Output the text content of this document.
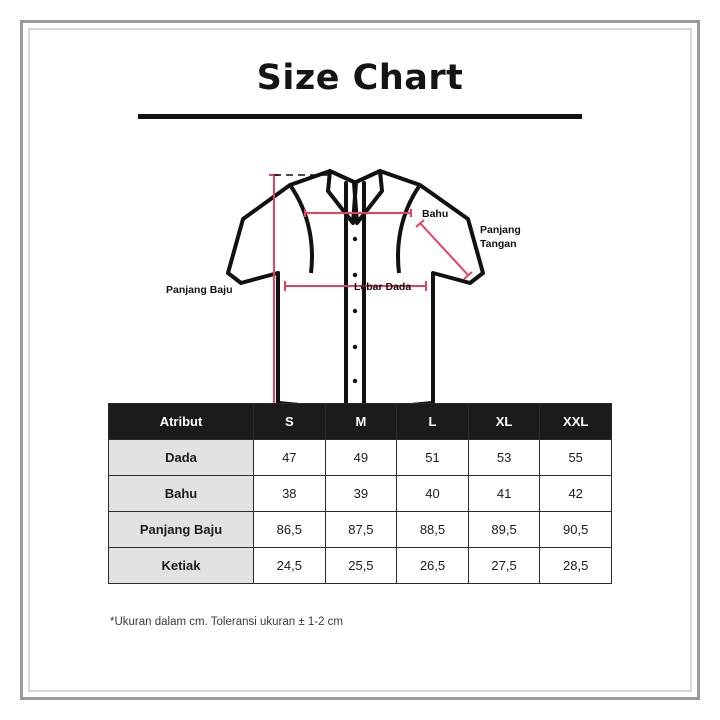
Size Chart
Bahu
Panjang
Tangan
Lebar Dada
Panjang Baju
Atribut	S	M	L	XL	XXL
Dada	47	49	51	53	55
Bahu	38	39	40	41	42
Panjang Baju	86,5	87,5	88,5	89,5	90,5
Ketiak	24,5	25,5	26,5	27,5	28,5
*Ukuran dalam cm. Toleransi ukuran ± 1-2 cm
